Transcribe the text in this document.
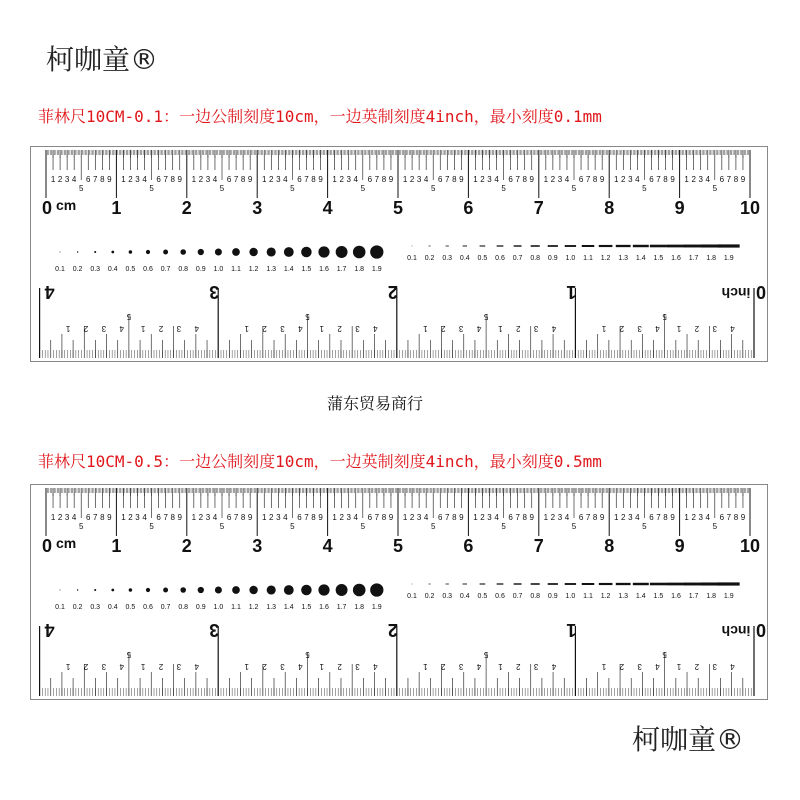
柯咖童®
菲林尺10CM-0.1：一边公制刻度10cm，一边英制刻度4inch，最小刻度0.1mm
1 2 3 4
5
6 7 8 9 1 2 3 4
5
6 7 8 9 1 2 3 4
5
6 7 8 9 1 2 3 4
5
6 7 8 9 1 2 3 4
5
6 7 8 9 1 2 3 4
5
6 7 8 9 1 2 3 4
5
6 7 8 9 1 2 3 4
5
6 7 8 9 1 2 3 4
5
6 7 8 9 1 2 3 4
5
6 7 8 9
0	1	2	3	4	5	6	7	8	9	10
cm
0.1 0.2 0.3 0.4 0.5 0.6 0.7 0.8 0.9 1.0 1.1 1.2 1.3 1.4 1.5 1.6 1.7 1.8 1.9
0.1 0.2 0.3 0.4 0.5 0.6 0.7 0.8 0.9 1.0 1.1 1.2 1.3 1.4 1.5 1.6 1.7 1.8 1.9
1 2 3 4
5
1 2 3 4
1 2 3 4
5
1 2 3 4
1 2 3 4
5
1 2 3 4
1 2 3 4
5
1 2 3 4
0
1
2
3
4	inch
蒲东贸易商行
菲林尺10CM-0.5：一边公制刻度10cm，一边英制刻度4inch，最小刻度0.5mm
1 2 3 4
5
6 7 8 9 1 2 3 4
5
6 7 8 9 1 2 3 4
5
6 7 8 9 1 2 3 4
5
6 7 8 9 1 2 3 4
5
6 7 8 9 1 2 3 4
5
6 7 8 9 1 2 3 4
5
6 7 8 9 1 2 3 4
5
6 7 8 9 1 2 3 4
5
6 7 8 9 1 2 3 4
5
6 7 8 9
0	1	2	3	4	5	6	7	8	9	10
cm
0.1 0.2 0.3 0.4 0.5 0.6 0.7 0.8 0.9 1.0 1.1 1.2 1.3 1.4 1.5 1.6 1.7 1.8 1.9
0.1 0.2 0.3 0.4 0.5 0.6 0.7 0.8 0.9 1.0 1.1 1.2 1.3 1.4 1.5 1.6 1.7 1.8 1.9
1 2 3 4
5
1 2 3 4
1 2 3 4
5
1 2 3 4
1 2 3 4
5
1 2 3 4
1 2 3 4
5
1 2 3 4
0
1
2
3
4	inch
柯咖童®
